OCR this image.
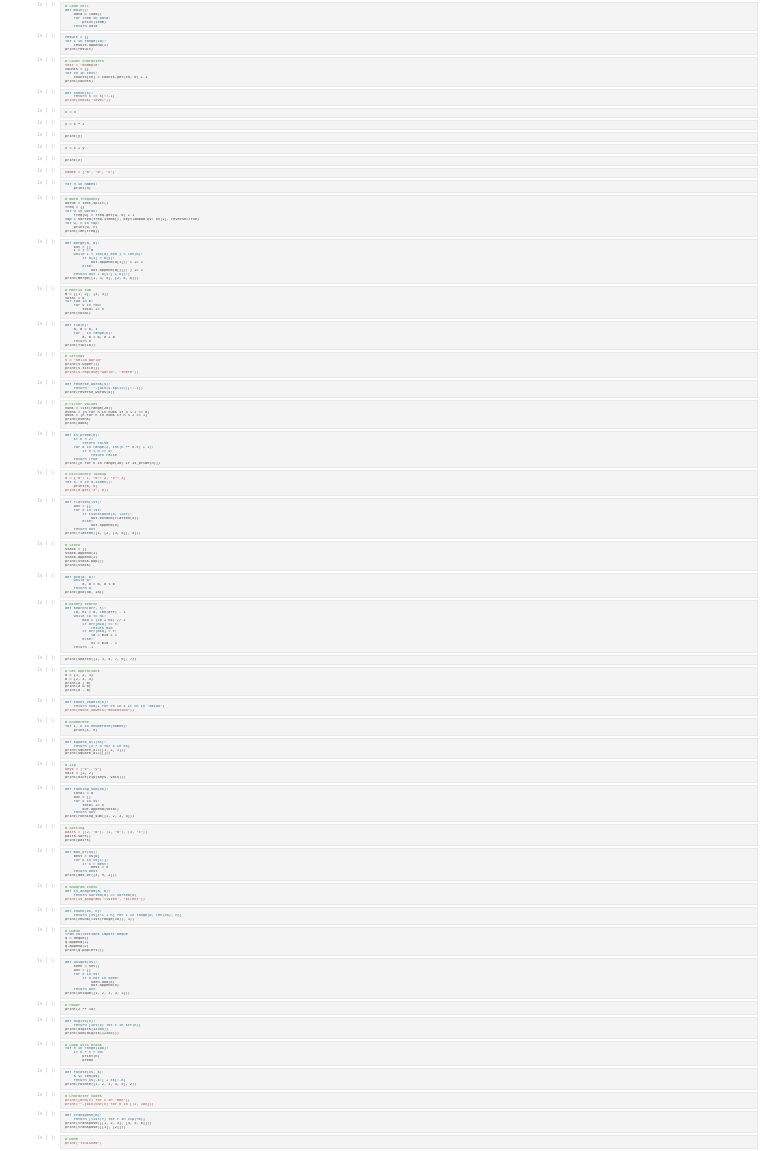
In [ ]:	# Code cell
def main():
data = load()
for item in data:
print(item)
return data
In [ ]:	result = []
for i in range(10):
result.append(i)
print(result)
In [ ]:	# Count characters
text = "example"
counts = {}
for ch in text:
counts[ch] = counts.get(ch, 0) + 1
print(counts)
In [ ]:	def check(s):
return s == s[::-1]
print(check("level"))
In [ ]:	x = 5
In [ ]:	y = x * 2
In [ ]:	print(y)
In [ ]:	z = x + y
In [ ]:	print(z)
In [ ]:	names = ["a", "b", "c"]
In [ ]:	for n in names:
print(n)
In [ ]:	# Word frequency
words = text.split()
freq = {}
for w in words:
freq[w] = freq.get(w, 0) + 1
top = sorted(freq.items(), key=lambda kv: kv[1], reverse=True)
for w, c in top:
print(w, c)
print(len(freq))
In [ ]:	def merge(a, b):
out = []
i = j = 0
while i < len(a) and j < len(b):
if a[i] < b[j]:
out.append(a[i]); i += 1
else:
out.append(b[j]); j += 1
return out + a[i:] + b[j:]
print(merge([1, 3, 5], [2, 4, 6]))
In [ ]:	# Matrix sum
m = [[1, 2], [3, 4]]
total = 0
for row in m:
for v in row:
total += v
print(total)
In [ ]:	def fib(n):
a, b = 0, 1
for _ in range(n):
a, b = b, a + b
return a
print(fib(10))
In [ ]:	# Strings
s = "hello world"
print(s.upper())
print(s.title())
print(s.replace("world", "there"))
In [ ]:	def reverse_words(s):
return " ".join(s.split()[::-1])
print(reverse_words(s))
In [ ]:	# Filter values
nums = list(range(20))
evens = [n for n in nums if n % 2 == 0]
odds = [n for n in nums if n % 2 == 1]
print(evens)
print(odds)
In [ ]:	def is_prime(n):
if n < 2:
return False
for d in range(2, int(n ** 0.5) + 1):
if n % d == 0:
return False
return True
print([n for n in range(30) if is_prime(n)])
In [ ]:	# Dictionary lookup
d = {"a": 1, "b": 2, "c": 3}
for k, v in d.items():
print(k, v)
print(d.get("z", 0))
In [ ]:	def flatten(lst):
out = []
for x in lst:
if isinstance(x, list):
out.extend(flatten(x))
else:
out.append(x)
return out
print(flatten([1, [2, [3, 4]], 5]))
In [ ]:	# Stack
stack = []
stack.append(1)
stack.append(2)
print(stack.pop())
print(stack)
In [ ]:	def gcd(a, b):
while b:
a, b = b, a % b
return a
print(gcd(48, 18))
In [ ]:	# Binary search
def search(arr, t):
lo, hi = 0, len(arr) - 1
while lo <= hi:
mid = (lo + hi) // 2
if arr[mid] == t:
return mid
if arr[mid] < t:
lo = mid + 1
else:
hi = mid - 1
return -1
In [ ]:	print(search([1, 3, 5, 7, 9], 7))
In [ ]:	# Set operations
a = {1, 2, 3}
b = {2, 3, 4}
print(a | b)
print(a & b)
print(a - b)
In [ ]:	def count_vowels(s):
return sum(1 for ch in s if ch in "aeiou")
print(count_vowels("education"))
In [ ]:	# Enumerate
for i, n in enumerate(names):
print(i, n)
In [ ]:	def square_all(xs):
return [x * x for x in xs]
print(square_all([1, 2, 3]))
print(square_all([]))
In [ ]:	# Zip
keys = ["x", "y"]
vals = [1, 2]
print(dict(zip(keys, vals)))
In [ ]:	def running_sum(xs):
total = 0
out = []
for x in xs:
total += x
out.append(total)
return out
print(running_sum([1, 2, 3, 4]))
In [ ]:	# Sorting
pairs = [(2, "b"), (1, "a"), (3, "c")]
pairs.sort()
print(pairs)
In [ ]:	def max_of(xs):
best = xs[0]
for x in xs[1:]:
if x > best:
best = x
return best
print(max_of([3, 9, 2]))
In [ ]:	# Anagram check
def is_anagram(a, b):
return sorted(a) == sorted(b)
print(is_anagram("listen", "silent"))
In [ ]:	def chunk(xs, n):
return [xs[i:i + n] for i in range(0, len(xs), n)]
print(chunk(list(range(10)), 3))
In [ ]:	# Queue
from collections import deque
q = deque()
q.append(1)
q.append(2)
print(q.popleft())
In [ ]:	def unique(xs):
seen = set()
out = []
for x in xs:
if x not in seen:
seen.add(x)
out.append(x)
return out
print(unique([1, 2, 2, 3, 1]))
In [ ]:	# Power
print(2 ** 10)
In [ ]:	def digits(n):
return [int(c) for c in str(n)]
print(digits(12345))
print(sum(digits(12345)))
In [ ]:	# Loop with break
for n in range(100):
if n * n > 50:
print(n)
break
In [ ]:	def rotate(xs, k):
k %= len(xs)
return xs[-k:] + xs[:-k]
print(rotate([1, 2, 3, 4, 5], 2))
In [ ]:	# Character codes
print([ord(c) for c in "abc"])
print("".join(chr(n) for n in [72, 105]))
In [ ]:	def transpose(m):
return [list(r) for r in zip(*m)]
print(transpose([[1, 2, 3], [4, 5, 6]]))
print(transpose([[1], [2]]))
In [ ]:	# Done
print("finished")
